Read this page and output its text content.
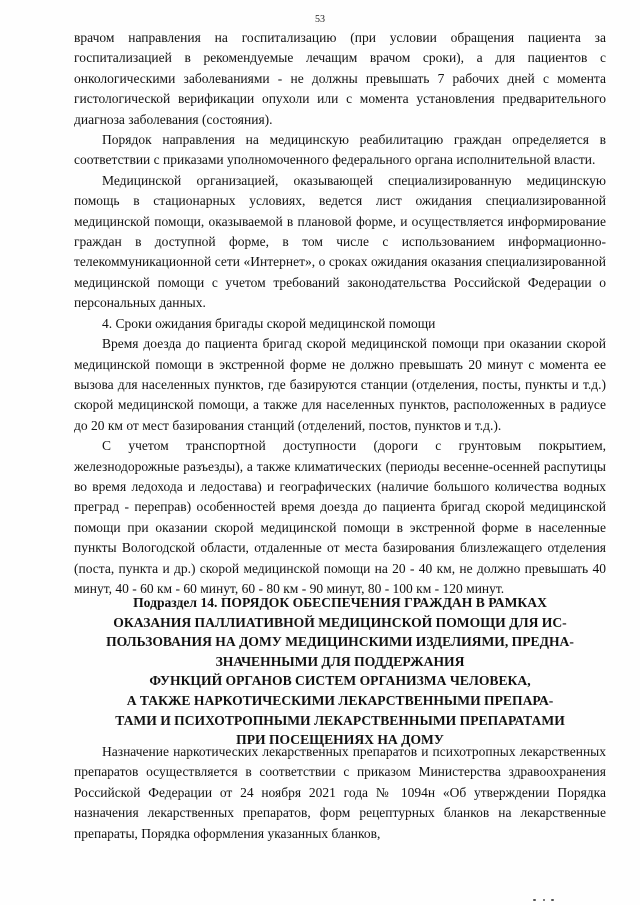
53

врачом направления на госпитализацию (при условии обращения пациента за госпитализацией в рекомендуемые лечащим врачом сроки), а для пациентов с онкологическими заболеваниями - не должны превышать 7 рабочих дней с момента гистологической верификации опухоли или с момента установления предварительного диагноза заболевания (состояния).

Порядок направления на медицинскую реабилитацию граждан определяется в соответствии с приказами уполномоченного федерального органа исполнительной власти.

Медицинской организацией, оказывающей специализированную медицинскую помощь в стационарных условиях, ведется лист ожидания специализированной медицинской помощи, оказываемой в плановой форме, и осуществляется информирование граждан в доступной форме, в том числе с использованием информационно-телекоммуникационной сети «Интернет», о сроках ожидания оказания специализированной медицинской помощи с учетом требований законодательства Российской Федерации о персональных данных.

4. Сроки ожидания бригады скорой медицинской помощи

Время доезда до пациента бригад скорой медицинской помощи при оказании скорой медицинской помощи в экстренной форме не должно превышать 20 минут с момента ее вызова для населенных пунктов, где базируются станции (отделения, посты, пункты и т.д.) скорой медицинской помощи, а также для населенных пунктов, расположенных в радиусе до 20 км от мест базирования станций (отделений, постов, пунктов и т.д.).

С учетом транспортной доступности (дороги с грунтовым покрытием, железнодорожные разъезды), а также климатических (периоды весенне-осенней распутицы во время ледохода и ледостава) и географических (наличие большого количества водных преград - переправ) особенностей время доезда до пациента бригад скорой медицинской помощи при оказании скорой медицинской помощи в экстренной форме в населенные пункты Вологодской области, отдаленные от места базирования близлежащего отделения (поста, пункта и др.) скорой медицинской помощи на 20 - 40 км, не должно превышать 40 минут, 40 - 60 км - 60 минут, 60 - 80 км - 90 минут, 80 - 100 км - 120 минут.

Подраздел 14. ПОРЯДОК ОБЕСПЕЧЕНИЯ ГРАЖДАН В РАМКАХ
ОКАЗАНИЯ ПАЛЛИАТИВНОЙ МЕДИЦИНСКОЙ ПОМОЩИ ДЛЯ ИС-
ПОЛЬЗОВАНИЯ НА ДОМУ МЕДИЦИНСКИМИ ИЗДЕЛИЯМИ, ПРЕДНА-
ЗНАЧЕННЫМИ ДЛЯ ПОДДЕРЖАНИЯ
ФУНКЦИЙ ОРГАНОВ СИСТЕМ ОРГАНИЗМА ЧЕЛОВЕКА,
А ТАКЖЕ НАРКОТИЧЕСКИМИ ЛЕКАРСТВЕННЫМИ ПРЕПАРА-
ТАМИ И ПСИХОТРОПНЫМИ ЛЕКАРСТВЕННЫМИ ПРЕПАРАТАМИ
ПРИ ПОСЕЩЕНИЯХ НА ДОМУ

Назначение наркотических лекарственных препаратов и психотропных лекарственных препаратов осуществляется в соответствии с приказом Министерства здравоохранения Российской Федерации от 24 ноября 2021 года № 1094н «Об утверждении Порядка назначения лекарственных препаратов, форм рецептурных бланков на лекарственные препараты, Порядка оформления указанных бланков,
